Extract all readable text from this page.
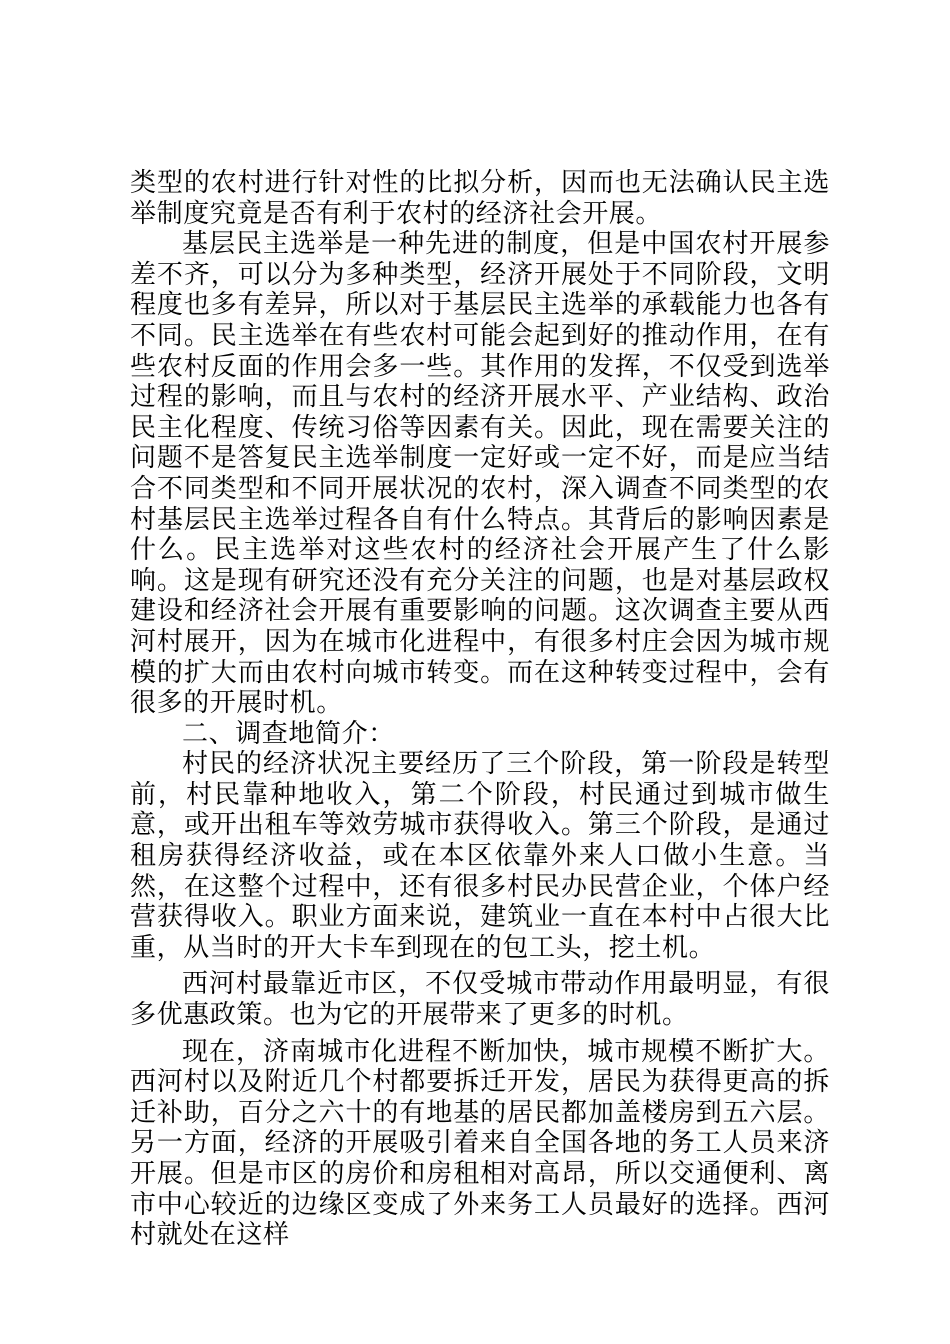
类型的农村进行针对性的比拟分析，因而也无法确认民主选举制度究竟是否有利于农村的经济社会开展。

基层民主选举是一种先进的制度，但是中国农村开展参差不齐，可以分为多种类型，经济开展处于不同阶段，文明程度也多有差异，所以对于基层民主选举的承载能力也各有不同。民主选举在有些农村可能会起到好的推动作用，在有些农村反面的作用会多一些。其作用的发挥，不仅受到选举过程的影响，而且与农村的经济开展水平、产业结构、政治民主化程度、传统习俗等因素有关。因此，现在需要关注的问题不是答复民主选举制度一定好或一定不好，而是应当结合不同类型和不同开展状况的农村，深入调查不同类型的农村基层民主选举过程各自有什么特点。其背后的影响因素是什么。民主选举对这些农村的经济社会开展产生了什么影响。这是现有研究还没有充分关注的问题，也是对基层政权建设和经济社会开展有重要影响的问题。这次调查主要从西河村展开，因为在城市化进程中，有很多村庄会因为城市规模的扩大而由农村向城市转变。而在这种转变过程中，会有很多的开展时机。

二、调查地简介：

村民的经济状况主要经历了三个阶段，第一阶段是转型前，村民靠种地收入，第二个阶段，村民通过到城市做生意，或开出租车等效劳城市获得收入。第三个阶段，是通过租房获得经济收益，或在本区依靠外来人口做小生意。当然，在这整个过程中，还有很多村民办民营企业，个体户经营获得收入。职业方面来说，建筑业一直在本村中占很大比重，从当时的开大卡车到现在的包工头，挖土机。

西河村最靠近市区，不仅受城市带动作用最明显，有很多优惠政策。也为它的开展带来了更多的时机。

现在，济南城市化进程不断加快，城市规模不断扩大。西河村以及附近几个村都要拆迁开发，居民为获得更高的拆迁补助，百分之六十的有地基的居民都加盖楼房到五六层。另一方面，经济的开展吸引着来自全国各地的务工人员来济开展。但是市区的房价和房租相对高昂，所以交通便利、离市中心较近的边缘区变成了外来务工人员最好的选择。西河村就处在这样
